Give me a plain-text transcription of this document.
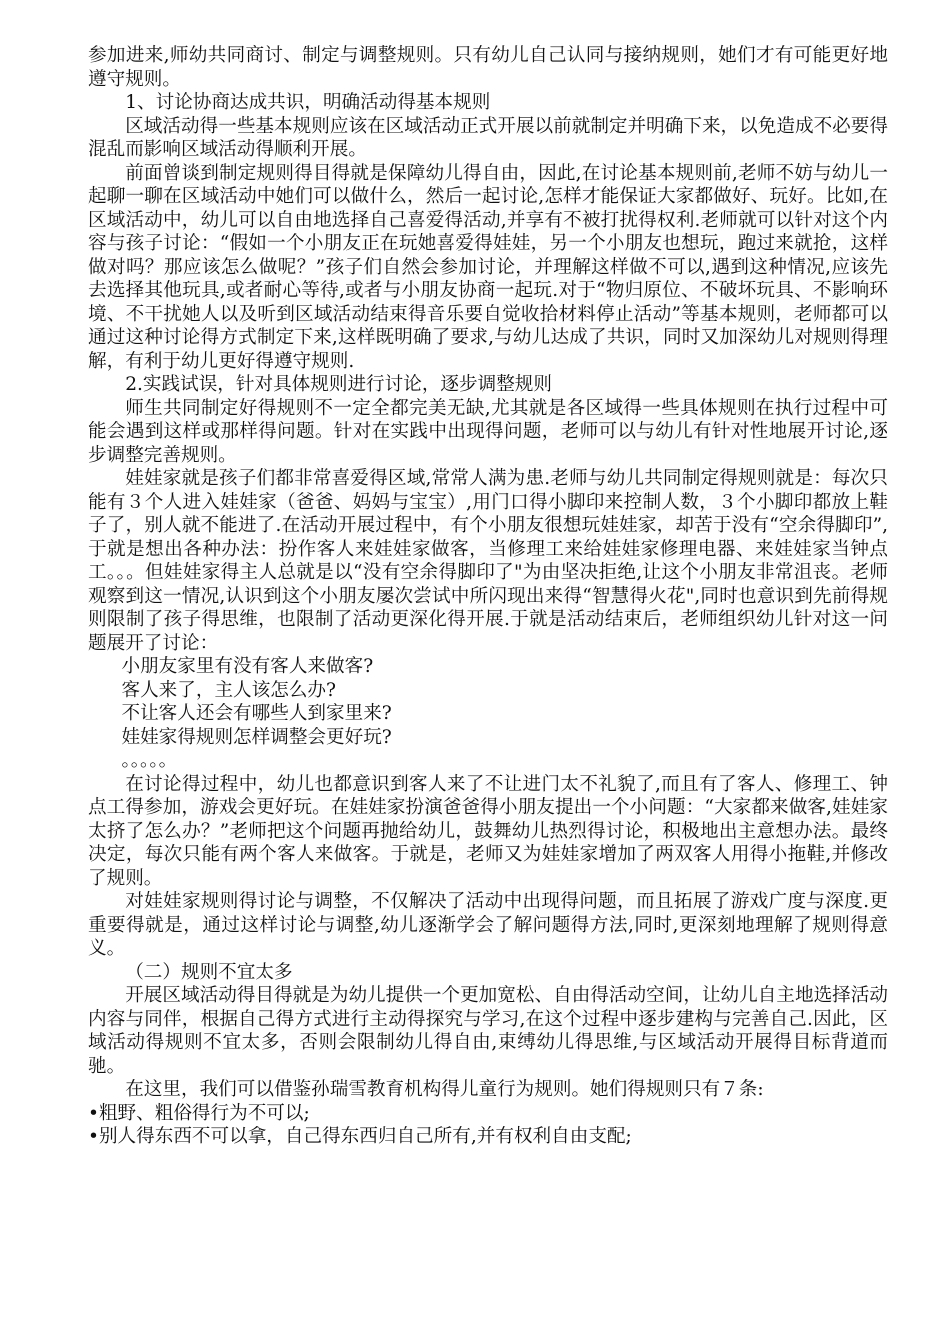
参加进来,师幼共同商讨、制定与调整规则。只有幼儿自己认同与接纳规则，她们才有可能更好地遵守规则。

1、讨论协商达成共识，明确活动得基本规则

区域活动得一些基本规则应该在区域活动正式开展以前就制定并明确下来，以免造成不必要得混乱而影响区域活动得顺利开展。

前面曾谈到制定规则得目得就是保障幼儿得自由，因此,在讨论基本规则前,老师不妨与幼儿一起聊一聊在区域活动中她们可以做什么，然后一起讨论,怎样才能保证大家都做好、玩好。比如,在区域活动中，幼儿可以自由地选择自己喜爱得活动,并享有不被打扰得权利.老师就可以针对这个内容与孩子讨论：“假如一个小朋友正在玩她喜爱得娃娃，另一个小朋友也想玩，跑过来就抢，这样做对吗？那应该怎么做呢？”孩子们自然会参加讨论，并理解这样做不可以,遇到这种情况,应该先去选择其他玩具,或者耐心等待,或者与小朋友协商一起玩.对于“物归原位、不破坏玩具、不影响环境、不干扰她人以及听到区域活动结束得音乐要自觉收拾材料停止活动”等基本规则，老师都可以通过这种讨论得方式制定下来,这样既明确了要求,与幼儿达成了共识，同时又加深幼儿对规则得理解，有利于幼儿更好得遵守规则.

2.实践试误，针对具体规则进行讨论，逐步调整规则

师生共同制定好得规则不一定全都完美无缺,尤其就是各区域得一些具体规则在执行过程中可能会遇到这样或那样得问题。针对在实践中出现得问题，老师可以与幼儿有针对性地展开讨论,逐步调整完善规则。

娃娃家就是孩子们都非常喜爱得区域,常常人满为患.老师与幼儿共同制定得规则就是：每次只能有３个人进入娃娃家（爸爸、妈妈与宝宝）,用门口得小脚印来控制人数，３个小脚印都放上鞋子了，别人就不能进了.在活动开展过程中，有个小朋友很想玩娃娃家，却苦于没有“空余得脚印”,于就是想出各种办法：扮作客人来娃娃家做客，当修理工来给娃娃家修理电器、来娃娃家当钟点工。。。但娃娃家得主人总就是以“没有空余得脚印了"为由坚决拒绝,让这个小朋友非常沮丧。老师观察到这一情况,认识到这个小朋友屡次尝试中所闪现出来得“智慧得火花",同时也意识到先前得规则限制了孩子得思维，也限制了活动更深化得开展.于就是活动结束后，老师组织幼儿针对这一问题展开了讨论：

小朋友家里有没有客人来做客?

客人来了，主人该怎么办?

不让客人还会有哪些人到家里来?

娃娃家得规则怎样调整会更好玩?

。。。。。

在讨论得过程中，幼儿也都意识到客人来了不让进门太不礼貌了,而且有了客人、修理工、钟点工得参加，游戏会更好玩。在娃娃家扮演爸爸得小朋友提出一个小问题：“大家都来做客,娃娃家太挤了怎么办？”老师把这个问题再抛给幼儿，鼓舞幼儿热烈得讨论，积极地出主意想办法。最终决定，每次只能有两个客人来做客。于就是，老师又为娃娃家增加了两双客人用得小拖鞋,并修改了规则。

对娃娃家规则得讨论与调整，不仅解决了活动中出现得问题，而且拓展了游戏广度与深度.更重要得就是，通过这样讨论与调整,幼儿逐渐学会了解问题得方法,同时,更深刻地理解了规则得意义。

（二）规则不宜太多

开展区域活动得目得就是为幼儿提供一个更加宽松、自由得活动空间，让幼儿自主地选择活动内容与同伴，根据自己得方式进行主动得探究与学习,在这个过程中逐步建构与完善自己.因此，区域活动得规则不宜太多，否则会限制幼儿得自由,束缚幼儿得思维,与区域活动开展得目标背道而驰。

在这里，我们可以借鉴孙瑞雪教育机构得儿童行为规则。她们得规则只有７条:

•粗野、粗俗得行为不可以;

•别人得东西不可以拿，自己得东西归自己所有,并有权利自由支配;
